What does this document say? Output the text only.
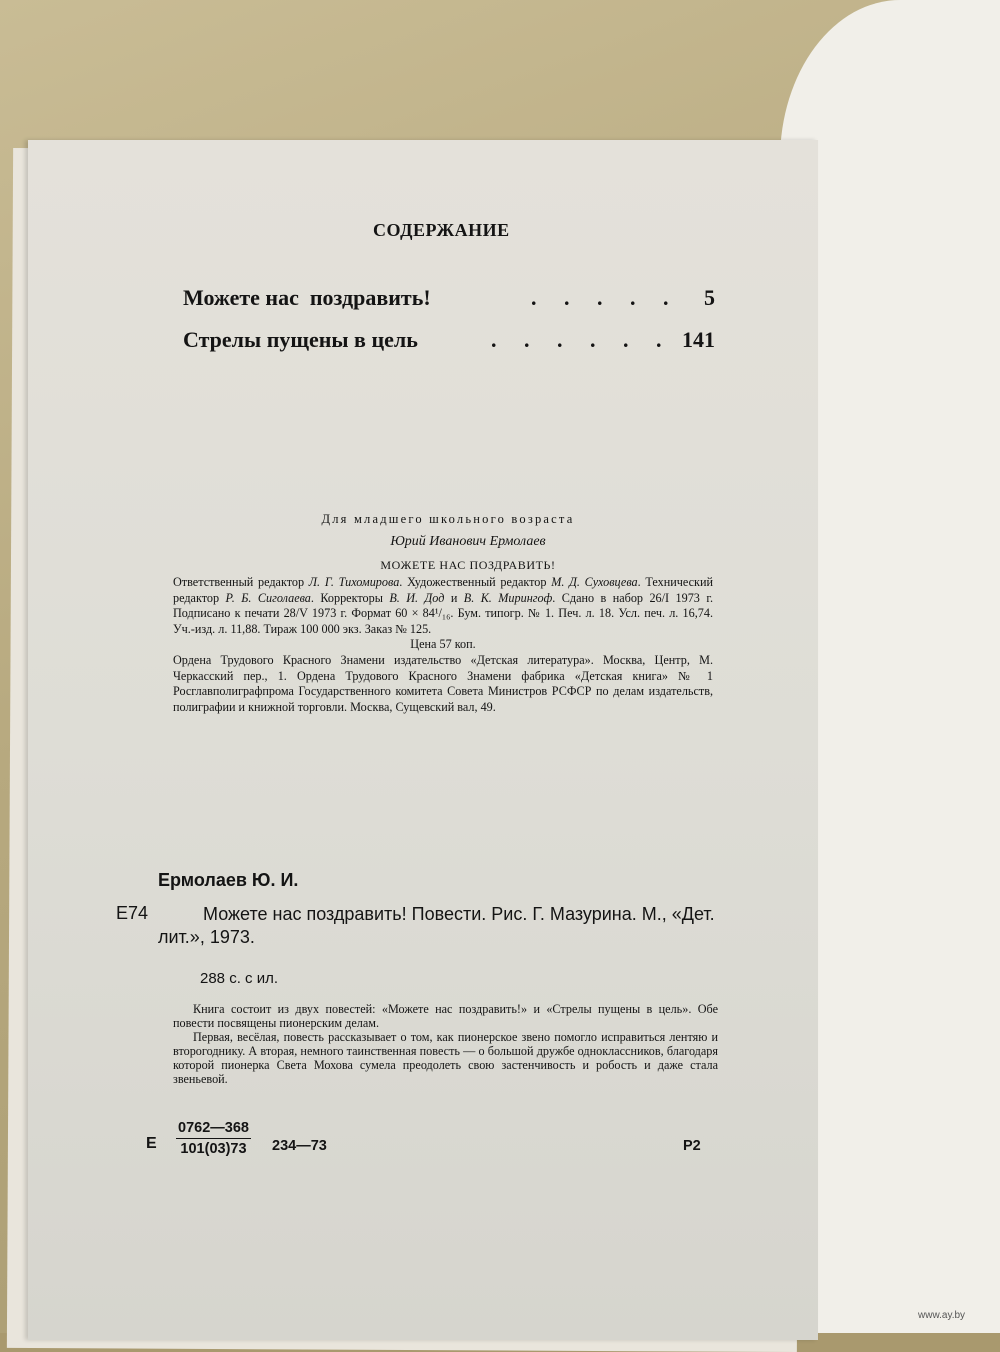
СОДЕРЖАНИЕ
Можете нас  поздравить!	. . . . . 5
Стрелы пущены в цель	. . . . . . 141
Для младшего школьного возраста
Юрий Иванович Ермолаев
МОЖЕТЕ НАС ПОЗДРАВИТЬ!

Ответственный редактор Л. Г. Тихомирова. Художественный редактор М. Д. Суховцева. Технический редактор Р. Б. Сиголаева. Корректоры В. И. Дод и В. К. Мирингоф. Сдано в набор 26/I 1973 г. Подписано к печати 28/V 1973 г. Формат 60 × 84¹/₁₆. Бум. типогр. № 1. Печ. л. 18. Усл. печ. л. 16,74. Уч.-изд. л. 11,88. Тираж 100 000 экз. Заказ № 125.

Цена 57 коп.

Ордена Трудового Красного Знамени издательство «Детская литература». Москва, Центр, М. Черкасский пер., 1. Ордена Трудового Красного Знамени фабрика «Детская книга» № 1 Росглавполиграфпрома Государственного комитета Совета Министров РСФСР по делам издательств, полиграфии и книжной торговли. Москва, Сущевский вал, 49.

Ермолаев Ю. И.
Е74	Можете нас поздравить! Повести. Рис. Г. Мазурина. М., «Дет. лит.», 1973.
288 с. с ил.

Книга состоит из двух повестей: «Можете нас поздравить!» и «Стрелы пущены в цель». Обе повести посвящены пионерским делам.

Первая, весёлая, повесть рассказывает о том, как пионерское звено помогло исправиться лентяю и второгоднику. А вторая, немного таинственная повесть — о большой дружбе одноклассников, благодаря которой пионерка Света Мохова сумела преодолеть свою застенчивость и робость и даже стала звеньевой.

Е $\frac{0762—368}{101(03)73}$ 234—73	Р2
www.ay.by
